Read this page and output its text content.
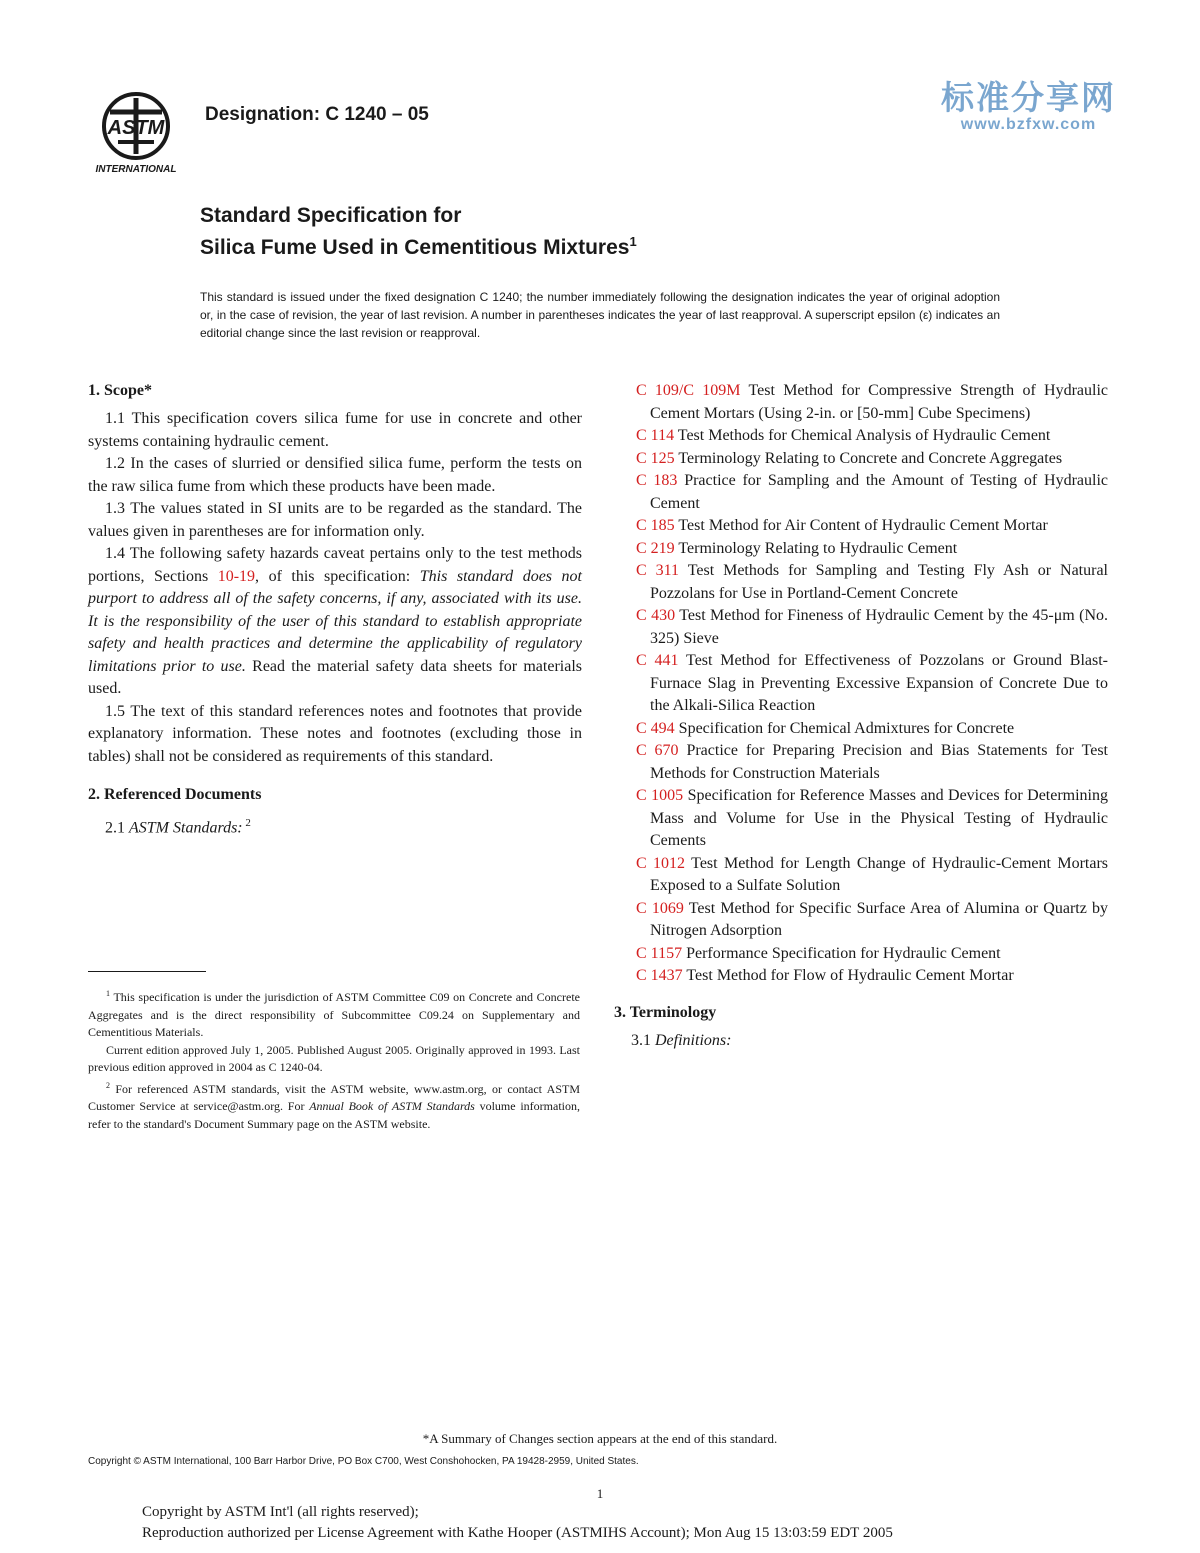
ASTM
INTERNATIONAL
Designation: C 1240 – 05	标准分享网
www.bzfxw.com
Standard Specification for
Silica Fume Used in Cementitious Mixtures$^1$
This standard is issued under the fixed designation C 1240; the number immediately following the designation indicates the year of original adoption or, in the case of revision, the year of last revision. A number in parentheses indicates the year of last reapproval. A superscript epsilon (ε) indicates an editorial change since the last revision or reapproval.
1. Scope*

1.1 This specification covers silica fume for use in concrete and other systems containing hydraulic cement.

1.2 In the cases of slurried or densified silica fume, perform the tests on the raw silica fume from which these products have been made.

1.3 The values stated in SI units are to be regarded as the standard. The values given in parentheses are for information only.

1.4 The following safety hazards caveat pertains only to the test methods portions, Sections 10-19, of this specification: This standard does not purport to address all of the safety concerns, if any, associated with its use. It is the responsibility of the user of this standard to establish appropriate safety and health practices and determine the applicability of regulatory limitations prior to use. Read the material safety data sheets for materials used.

1.5 The text of this standard references notes and footnotes that provide explanatory information. These notes and footnotes (excluding those in tables) shall not be considered as requirements of this standard.

2. Referenced Documents

2.1 ASTM Standards: $^2$

$^1$ This specification is under the jurisdiction of ASTM Committee C09 on Concrete and Concrete Aggregates and is the direct responsibility of Subcommittee C09.24 on Supplementary and Cementitious Materials.

Current edition approved July 1, 2005. Published August 2005. Originally approved in 1993. Last previous edition approved in 2004 as C 1240-04.

$^2$ For referenced ASTM standards, visit the ASTM website, www.astm.org, or contact ASTM Customer Service at service@astm.org. For Annual Book of ASTM Standards volume information, refer to the standard's Document Summary page on the ASTM website.

C 109/C 109M Test Method for Compressive Strength of Hydraulic Cement Mortars (Using 2-in. or [50-mm] Cube Specimens)
C 114 Test Methods for Chemical Analysis of Hydraulic Cement
C 125 Terminology Relating to Concrete and Concrete Aggregates
C 183 Practice for Sampling and the Amount of Testing of Hydraulic Cement
C 185 Test Method for Air Content of Hydraulic Cement Mortar
C 219 Terminology Relating to Hydraulic Cement
C 311 Test Methods for Sampling and Testing Fly Ash or Natural Pozzolans for Use in Portland-Cement Concrete
C 430 Test Method for Fineness of Hydraulic Cement by the 45-μm (No. 325) Sieve
C 441 Test Method for Effectiveness of Pozzolans or Ground Blast-Furnace Slag in Preventing Excessive Expansion of Concrete Due to the Alkali-Silica Reaction
C 494 Specification for Chemical Admixtures for Concrete
C 670 Practice for Preparing Precision and Bias Statements for Test Methods for Construction Materials
C 1005 Specification for Reference Masses and Devices for Determining Mass and Volume for Use in the Physical Testing of Hydraulic Cements
C 1012 Test Method for Length Change of Hydraulic-Cement Mortars Exposed to a Sulfate Solution
C 1069 Test Method for Specific Surface Area of Alumina or Quartz by Nitrogen Adsorption
C 1157 Performance Specification for Hydraulic Cement
C 1437 Test Method for Flow of Hydraulic Cement Mortar
3. Terminology

3.1 Definitions:

*A Summary of Changes section appears at the end of this standard.
Copyright © ASTM International, 100 Barr Harbor Drive, PO Box C700, West Conshohocken, PA 19428-2959, United States.
1
Copyright by ASTM Int'l (all rights reserved);
Reproduction authorized per License Agreement with Kathe Hooper (ASTMIHS Account); Mon Aug 15 13:03:59 EDT 2005
